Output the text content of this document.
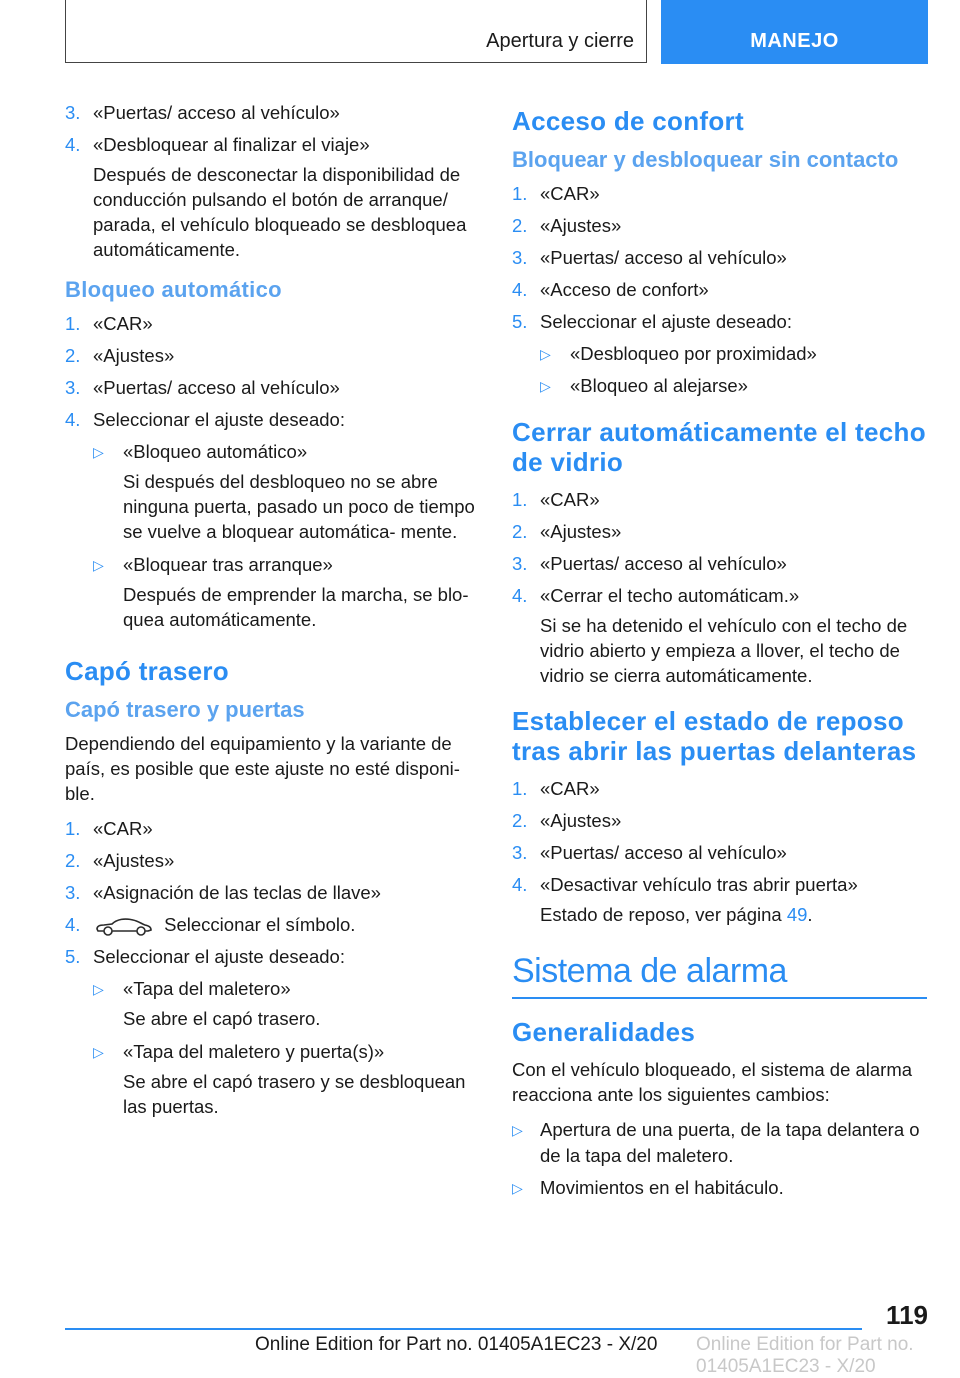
Apertura y cierre	MANEJO
3. «Puertas/ acceso al vehículo»
4. «Desbloquear al finalizar el viaje»
Después de desconectar la disponibilidad de conducción pulsando el botón de arranque/ parada, el vehículo bloqueado se desbloquea automáticamente.
Bloqueo automático
1. «CAR»
2. «Ajustes»
3. «Puertas/ acceso al vehículo»
4. Seleccionar el ajuste deseado:
▷ «Bloqueo automático»
Si después del desbloqueo no se abre ninguna puerta, pasado un poco de tiempo se vuelve a bloquear automática- mente.
▷ «Bloquear tras arranque»
Después de emprender la marcha, se blo- quea automáticamente.
Capó trasero
Capó trasero y puertas
Dependiendo del equipamiento y la variante de país, es posible que este ajuste no esté disponi- ble.
1. «CAR»
2. «Ajustes»
3. «Asignación de las teclas de llave»
4.	Seleccionar el símbolo.
5. Seleccionar el ajuste deseado:
▷ «Tapa del maletero»
Se abre el capó trasero.
▷ «Tapa del maletero y puerta(s)»
Se abre el capó trasero y se desbloquean las puertas.
Acceso de confort
Bloquear y desbloquear sin contacto
1. «CAR»
2. «Ajustes»
3. «Puertas/ acceso al vehículo»
4. «Acceso de confort»
5. Seleccionar el ajuste deseado:
▷ «Desbloqueo por proximidad»
▷ «Bloqueo al alejarse»
Cerrar automáticamente el techo de vidrio
1. «CAR»
2. «Ajustes»
3. «Puertas/ acceso al vehículo»
4. «Cerrar el techo automáticam.»
Si se ha detenido el vehículo con el techo de vidrio abierto y empieza a llover, el techo de vidrio se cierra automáticamente.
Establecer el estado de reposo tras abrir las puertas delanteras
1. «CAR»
2. «Ajustes»
3. «Puertas/ acceso al vehículo»
4. «Desactivar vehículo tras abrir puerta»
Estado de reposo, ver página 49.
Sistema de alarma
Generalidades
Con el vehículo bloqueado, el sistema de alarma reacciona ante los siguientes cambios:
▷ Apertura de una puerta, de la tapa delantera o de la tapa del maletero.
▷ Movimientos en el habitáculo.
119
Online Edition for Part no. 01405A1EC23 - X/20 Online Edition for Part no. 01405A1EC23 - X/20
